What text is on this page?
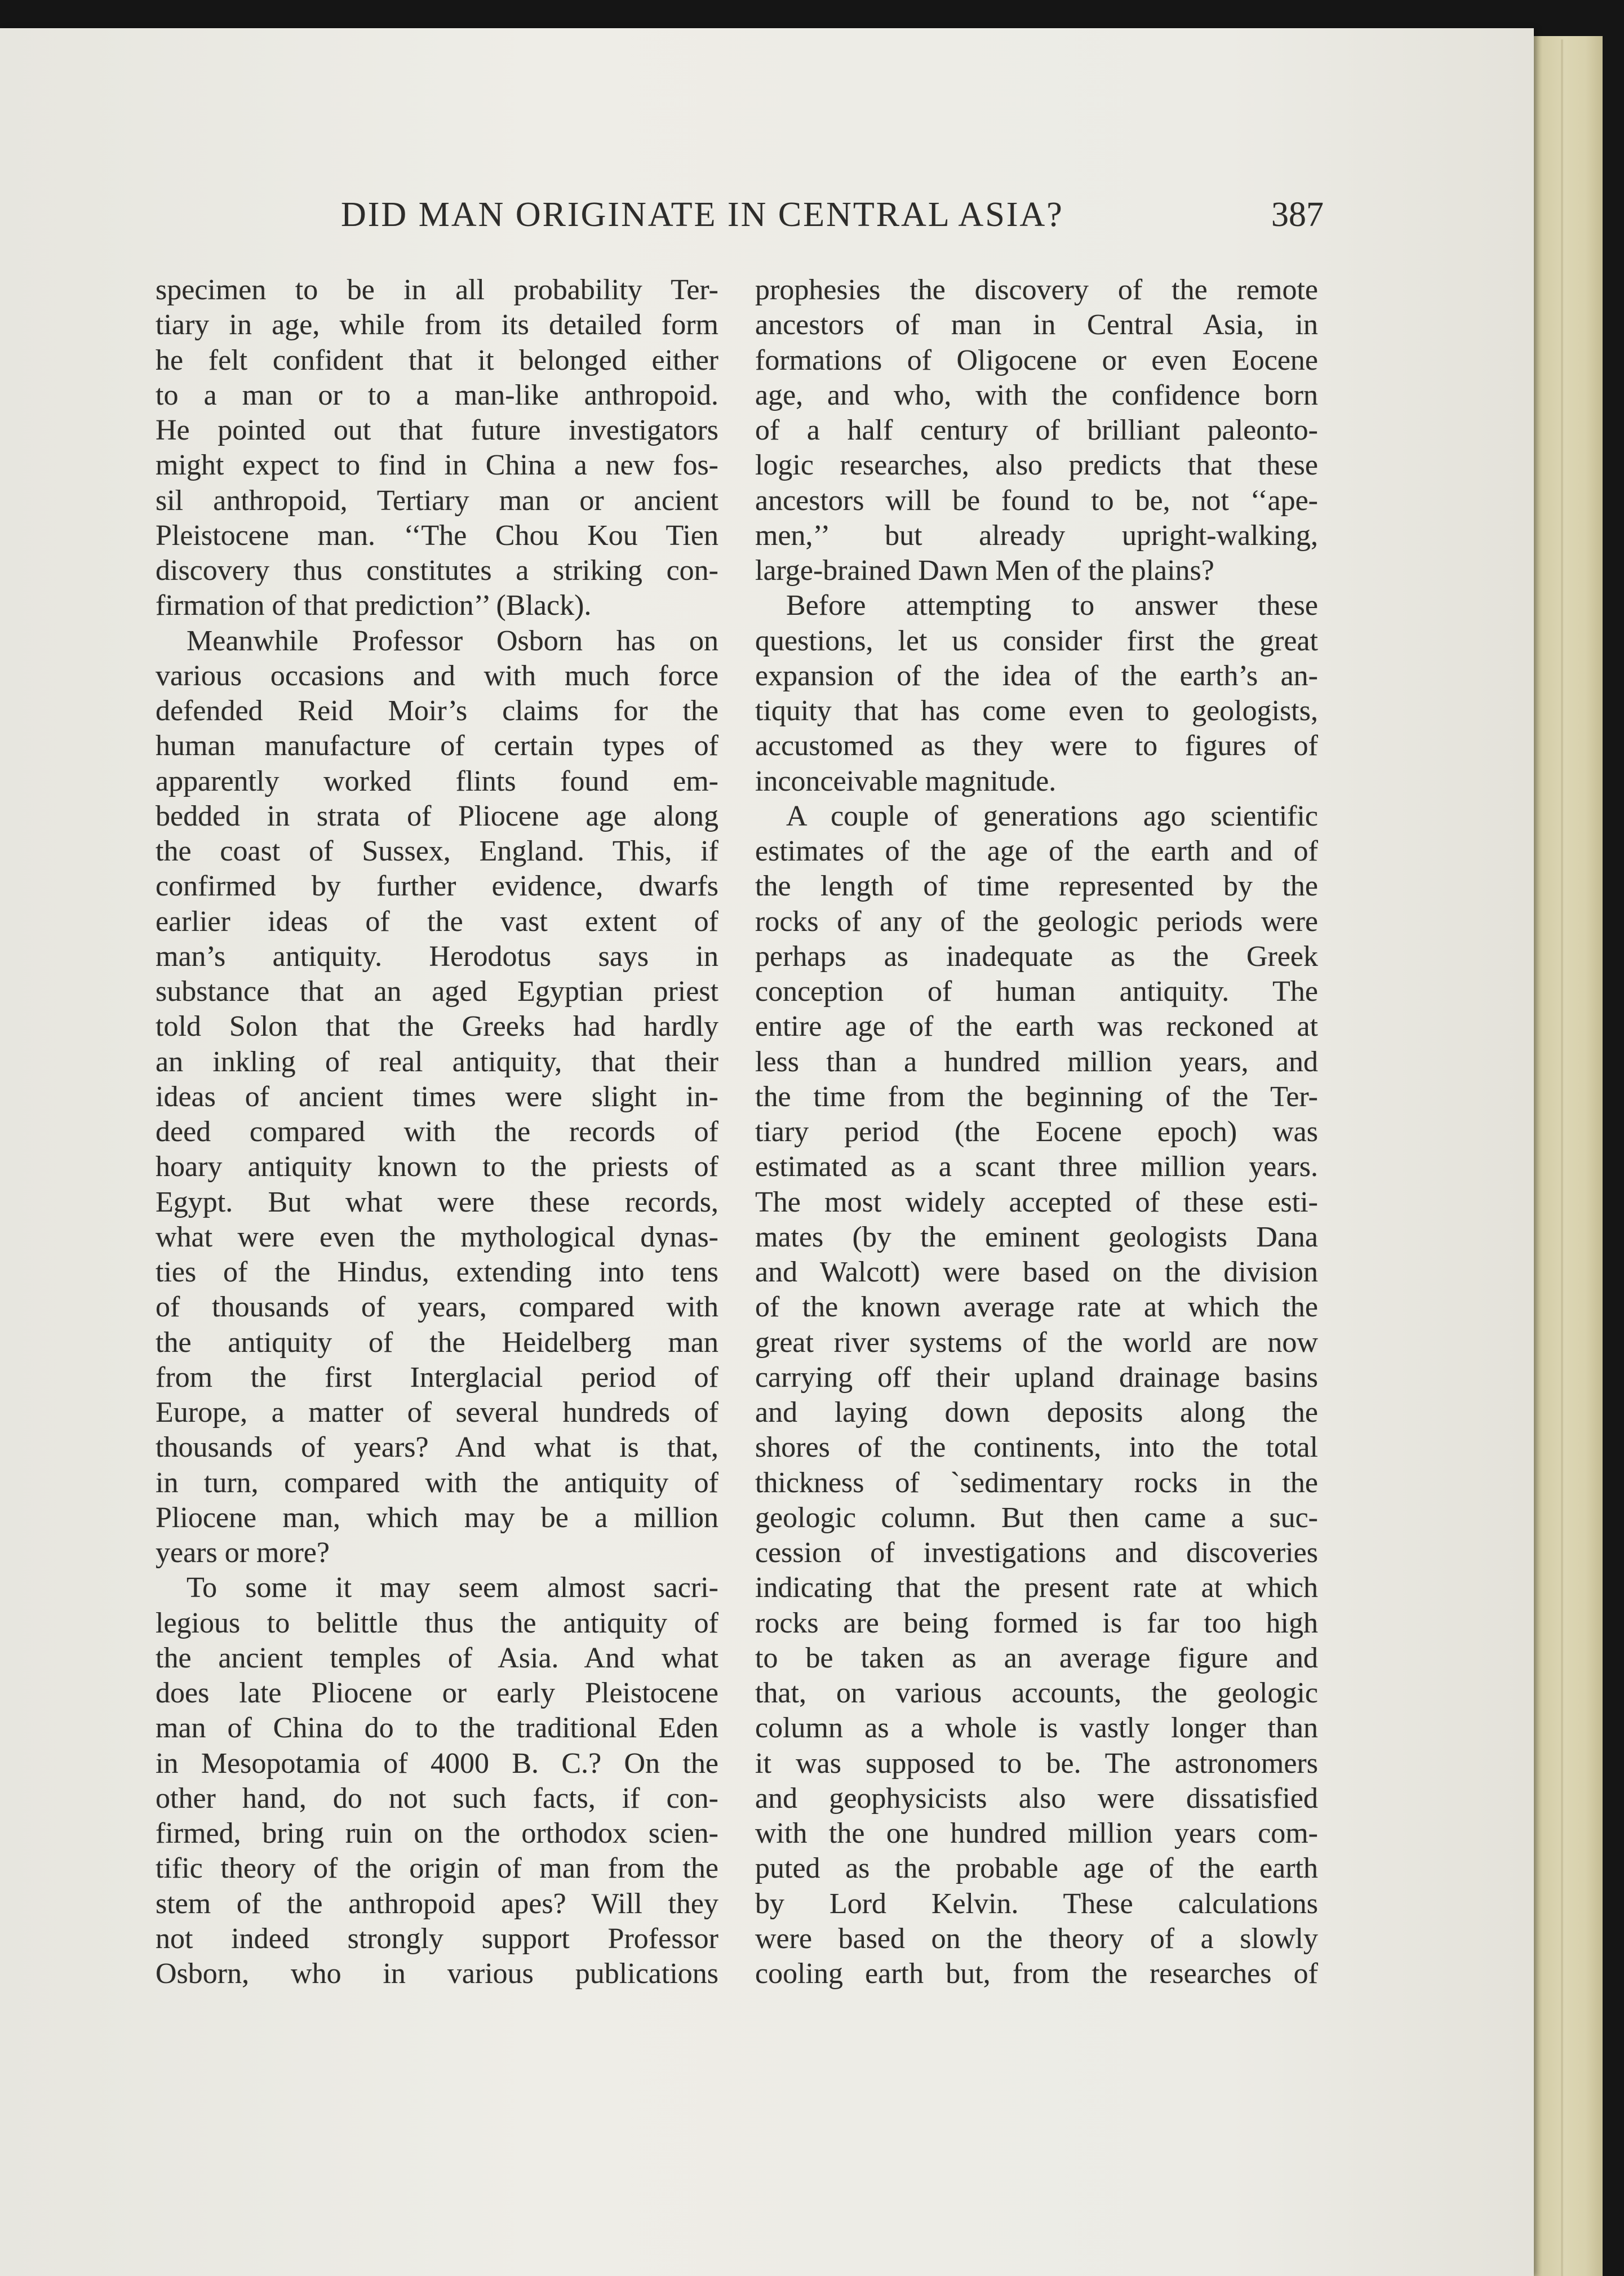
DID MAN ORIGINATE IN CENTRAL ASIA?	387
specimen to be in all probability Ter-
tiary in age, while from its detailed form
he felt confident that it belonged either
to a man or to a man-like anthropoid.
He pointed out that future investigators
might expect to find in China a new fos-
sil anthropoid, Tertiary man or ancient
Pleistocene man. ‘‘The Chou Kou Tien
discovery thus constitutes a striking con-
firmation of that prediction’’ (Black).
Meanwhile Professor Osborn has on
various occasions and with much force
defended Reid Moir’s claims for the
human manufacture of certain types of
apparently worked flints found em-
bedded in strata of Pliocene age along
the coast of Sussex, England. This, if
confirmed by further evidence, dwarfs
earlier ideas of the vast extent of
man’s antiquity. Herodotus says in
substance that an aged Egyptian priest
told Solon that the Greeks had hardly
an inkling of real antiquity, that their
ideas of ancient times were slight in-
deed compared with the records of
hoary antiquity known to the priests of
Egypt. But what were these records,
what were even the mythological dynas-
ties of the Hindus, extending into tens
of thousands of years, compared with
the antiquity of the Heidelberg man
from the first Interglacial period of
Europe, a matter of several hundreds of
thousands of years? And what is that,
in turn, compared with the antiquity of
Pliocene man, which may be a million
years or more?
To some it may seem almost sacri-
legious to belittle thus the antiquity of
the ancient temples of Asia. And what
does late Pliocene or early Pleistocene
man of China do to the traditional Eden
in Mesopotamia of 4000 B. C.? On the
other hand, do not such facts, if con-
firmed, bring ruin on the orthodox scien-
tific theory of the origin of man from the
stem of the anthropoid apes? Will they
not indeed strongly support Professor
Osborn, who in various publications
prophesies the discovery of the remote
ancestors of man in Central Asia, in
formations of Oligocene or even Eocene
age, and who, with the confidence born
of a half century of brilliant paleonto-
logic researches, also predicts that these
ancestors will be found to be, not ‘‘ape-
men,’’ but already upright-walking,
large-brained Dawn Men of the plains?
Before attempting to answer these
questions, let us consider first the great
expansion of the idea of the earth’s an-
tiquity that has come even to geologists,
accustomed as they were to figures of
inconceivable magnitude.
A couple of generations ago scientific
estimates of the age of the earth and of
the length of time represented by the
rocks of any of the geologic periods were
perhaps as inadequate as the Greek
conception of human antiquity. The
entire age of the earth was reckoned at
less than a hundred million years, and
the time from the beginning of the Ter-
tiary period (the Eocene epoch) was
estimated as a scant three million years.
The most widely accepted of these esti-
mates (by the eminent geologists Dana
and Walcott) were based on the division
of the known average rate at which the
great river systems of the world are now
carrying off their upland drainage basins
and laying down deposits along the
shores of the continents, into the total
thickness of `sedimentary rocks in the
geologic column. But then came a suc-
cession of investigations and discoveries
indicating that the present rate at which
rocks are being formed is far too high
to be taken as an average figure and
that, on various accounts, the geologic
column as a whole is vastly longer than
it was supposed to be. The astronomers
and geophysicists also were dissatisfied
with the one hundred million years com-
puted as the probable age of the earth
by Lord Kelvin. These calculations
were based on the theory of a slowly
cooling earth but, from the researches of
